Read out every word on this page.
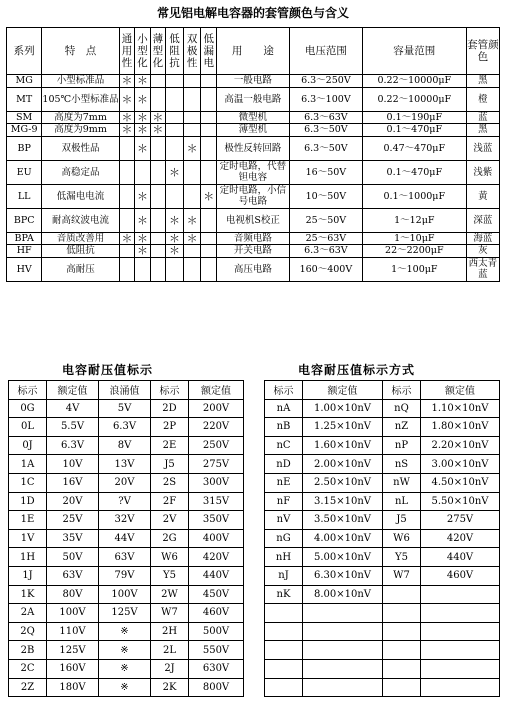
常见铝电解电容器的套管颜色与含义
系列	特　点	通用性	小型化	薄型化	低阻抗	双极性	低漏电	用　　途	电压范围	容量范围	套管颜色
MG	小型标准品	＊	＊					一般电路	6.3～250V	0.22～10000μF	黑
MT	105℃小型标准品	＊	＊					高温一般电路	6.3～100V	0.22～10000μF	橙
SM	高度为7mm	＊	＊	＊				微型机	6.3～63V	0.1～190μF	蓝
MG-9	高度为9mm	＊	＊	＊				薄型机	6.3～50V	0.1～470μF	黑
BP	双极性品		＊			＊		极性反转回路	6.3～50V	0.47～470μF	浅蓝
EU	高稳定品				＊			定时电路，代替钽电容	16～50V	0.1～470μF	浅紫
LL	低漏电电流		＊				＊	定时电路，小信号电路	10～50V	0.1～1000μF	黄
BPC	耐高纹波电流		＊		＊	＊		电视机S校正	25～50V	1～12μF	深蓝
BPA	音质改善用	＊	＊		＊	＊		音频电路	25～63V	1～10μF	海蓝
HF	低阻抗		＊		＊			开关电路	6.3～63V	22～2200μF	灰
HV	高耐压							高压电路	160～400V	1～100μF	西太青蓝
电容耐压值标示	电容耐压值标示方式
标示	额定值	浪涌值	标示	额定值
0G	4V	5V	2D	200V
0L	5.5V	6.3V	2P	220V
0J	6.3V	8V	2E	250V
1A	10V	13V	J5	275V
1C	16V	20V	2S	300V
1D	20V	?V	2F	315V
1E	25V	32V	2V	350V
1V	35V	44V	2G	400V
1H	50V	63V	W6	420V
1J	63V	79V	Y5	440V
1K	80V	100V	2W	450V
2A	100V	125V	W7	460V
2Q	110V	※	2H	500V
2B	125V	※	2L	550V
2C	160V	※	2J	630V
2Z	180V	※	2K	800V
标示	额定值	标示	额定值
nA	1.00×10nV	nQ	1.10×10nV
nB	1.25×10nV	nZ	1.80×10nV
nC	1.60×10nV	nP	2.20×10nV
nD	2.00×10nV	nS	3.00×10nV
nE	2.50×10nV	nW	4.50×10nV
nF	3.15×10nV	nL	5.50×10nV
nV	3.50×10nV	J5	275V
nG	4.00×10nV	W6	420V
nH	5.00×10nV	Y5	440V
nJ	6.30×10nV	W7	460V
nK	8.00×10nV		
